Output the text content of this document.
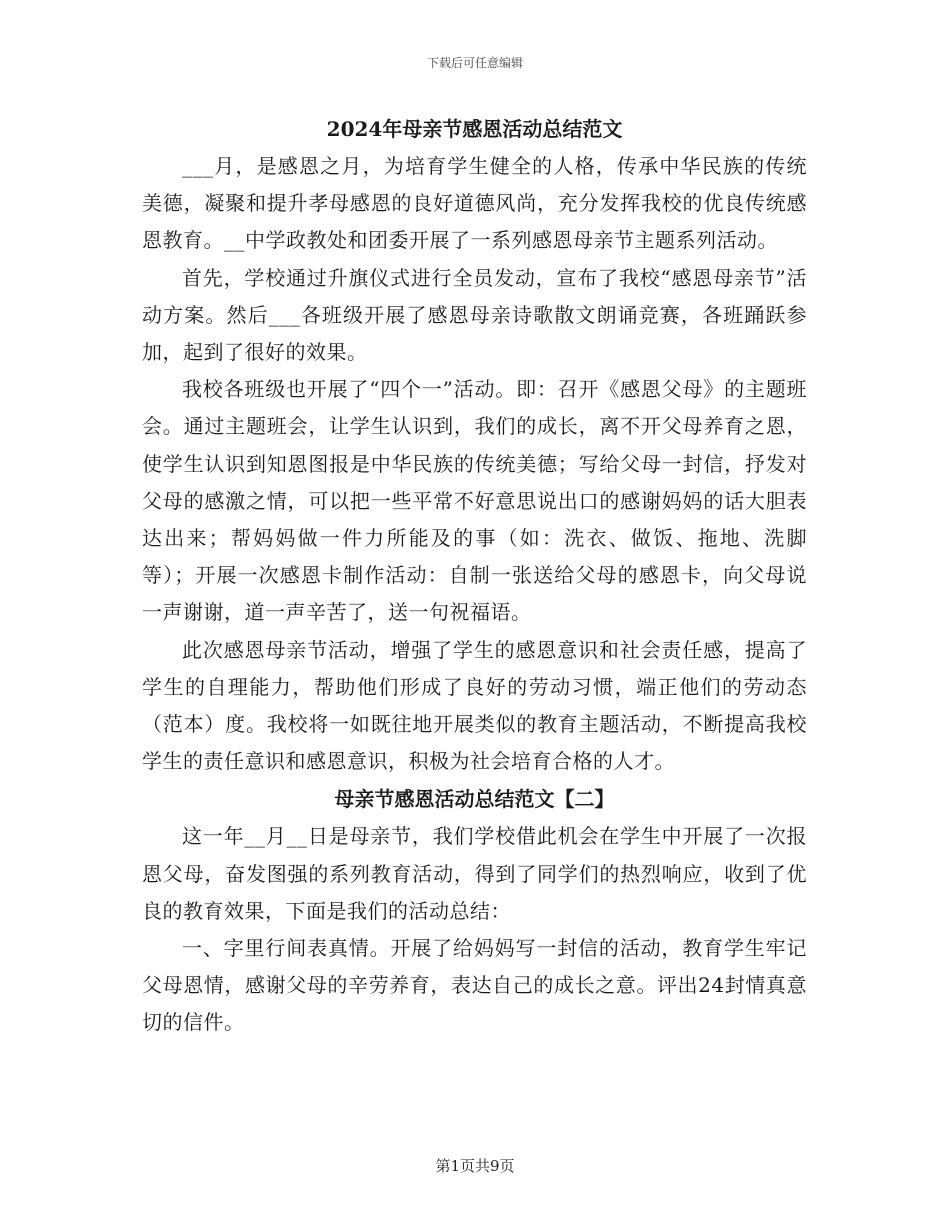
下载后可任意编辑
2024年母亲节感恩活动总结范文

___月，是感恩之月，为培育学生健全的人格，传承中华民族的传统美德，凝聚和提升孝母感恩的良好道德风尚，充分发挥我校的优良传统感恩教育。__中学政教处和团委开展了一系列感恩母亲节主题系列活动。

首先，学校通过升旗仪式进行全员发动，宣布了我校“感恩母亲节”活动方案。然后___各班级开展了感恩母亲诗歌散文朗诵竞赛，各班踊跃参加，起到了很好的效果。

我校各班级也开展了“四个一”活动。即：召开《感恩父母》的主题班会。通过主题班会，让学生认识到，我们的成长，离不开父母养育之恩，使学生认识到知恩图报是中华民族的传统美德；写给父母一封信，抒发对父母的感激之情，可以把一些平常不好意思说出口的感谢妈妈的话大胆表达出来；帮妈妈做一件力所能及的事（如：洗衣、做饭、拖地、洗脚等）；开展一次感恩卡制作活动：自制一张送给父母的感恩卡，向父母说一声谢谢，道一声辛苦了，送一句祝福语。

此次感恩母亲节活动，增强了学生的感恩意识和社会责任感，提高了学生的自理能力，帮助他们形成了良好的劳动习惯，端正他们的劳动态（范本）度。我校将一如既往地开展类似的教育主题活动，不断提高我校学生的责任意识和感恩意识，积极为社会培育合格的人才。

母亲节感恩活动总结范文【二】

这一年__月__日是母亲节，我们学校借此机会在学生中开展了一次报恩父母，奋发图强的系列教育活动，得到了同学们的热烈响应，收到了优良的教育效果，下面是我们的活动总结：

一、字里行间表真情。开展了给妈妈写一封信的活动，教育学生牢记父母恩情，感谢父母的辛劳养育，表达自己的成长之意。评出24封情真意切的信件。

第1页共9页
